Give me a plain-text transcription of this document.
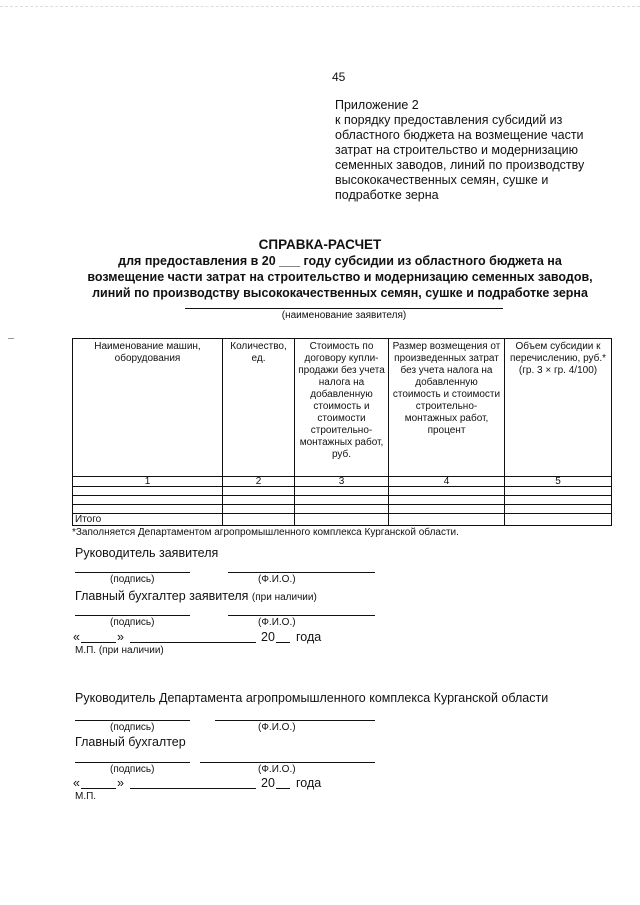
45
Приложение 2
к порядку предоставления субсидий из
областного бюджета на возмещение части
затрат на строительство и модернизацию
семенных заводов, линий по производству
высококачественных семян, сушке и
подработке зерна
СПРАВКА-РАСЧЕТ
для предоставления в 20 ___ году субсидии из областного бюджета на
возмещение части затрат на строительство и модернизацию семенных заводов,
линий по производству высококачественных семян, сушке и подработке зерна
(наименование заявителя)
Наименование машин, оборудования	Количество, ед.	Стоимость по договору купли-продажи без учета налога на добавленную стоимость и стоимости строительно-монтажных работ, руб.	Размер возмещения от произведенных затрат без учета налога на добавленную стоимость и стоимости строительно-монтажных работ, процент	Объем субсидии к перечислению, руб.* (гр. 3 × гр. 4/100)
1	2	3	4	5

Итого				
*Заполняется Департаментом агропромышленного комплекса Курганской области.
Руководитель заявителя
(подпись)	(Ф.И.О.)
Главный бухгалтер заявителя (при наличии)
(подпись)	(Ф.И.О.)
«	»	20 года
М.П. (при наличии)
Руководитель Департамента агропромышленного комплекса Курганской области
(подпись)	(Ф.И.О.)
Главный бухгалтер
(подпись)	(Ф.И.О.)
«	»	20 года
М.П.
